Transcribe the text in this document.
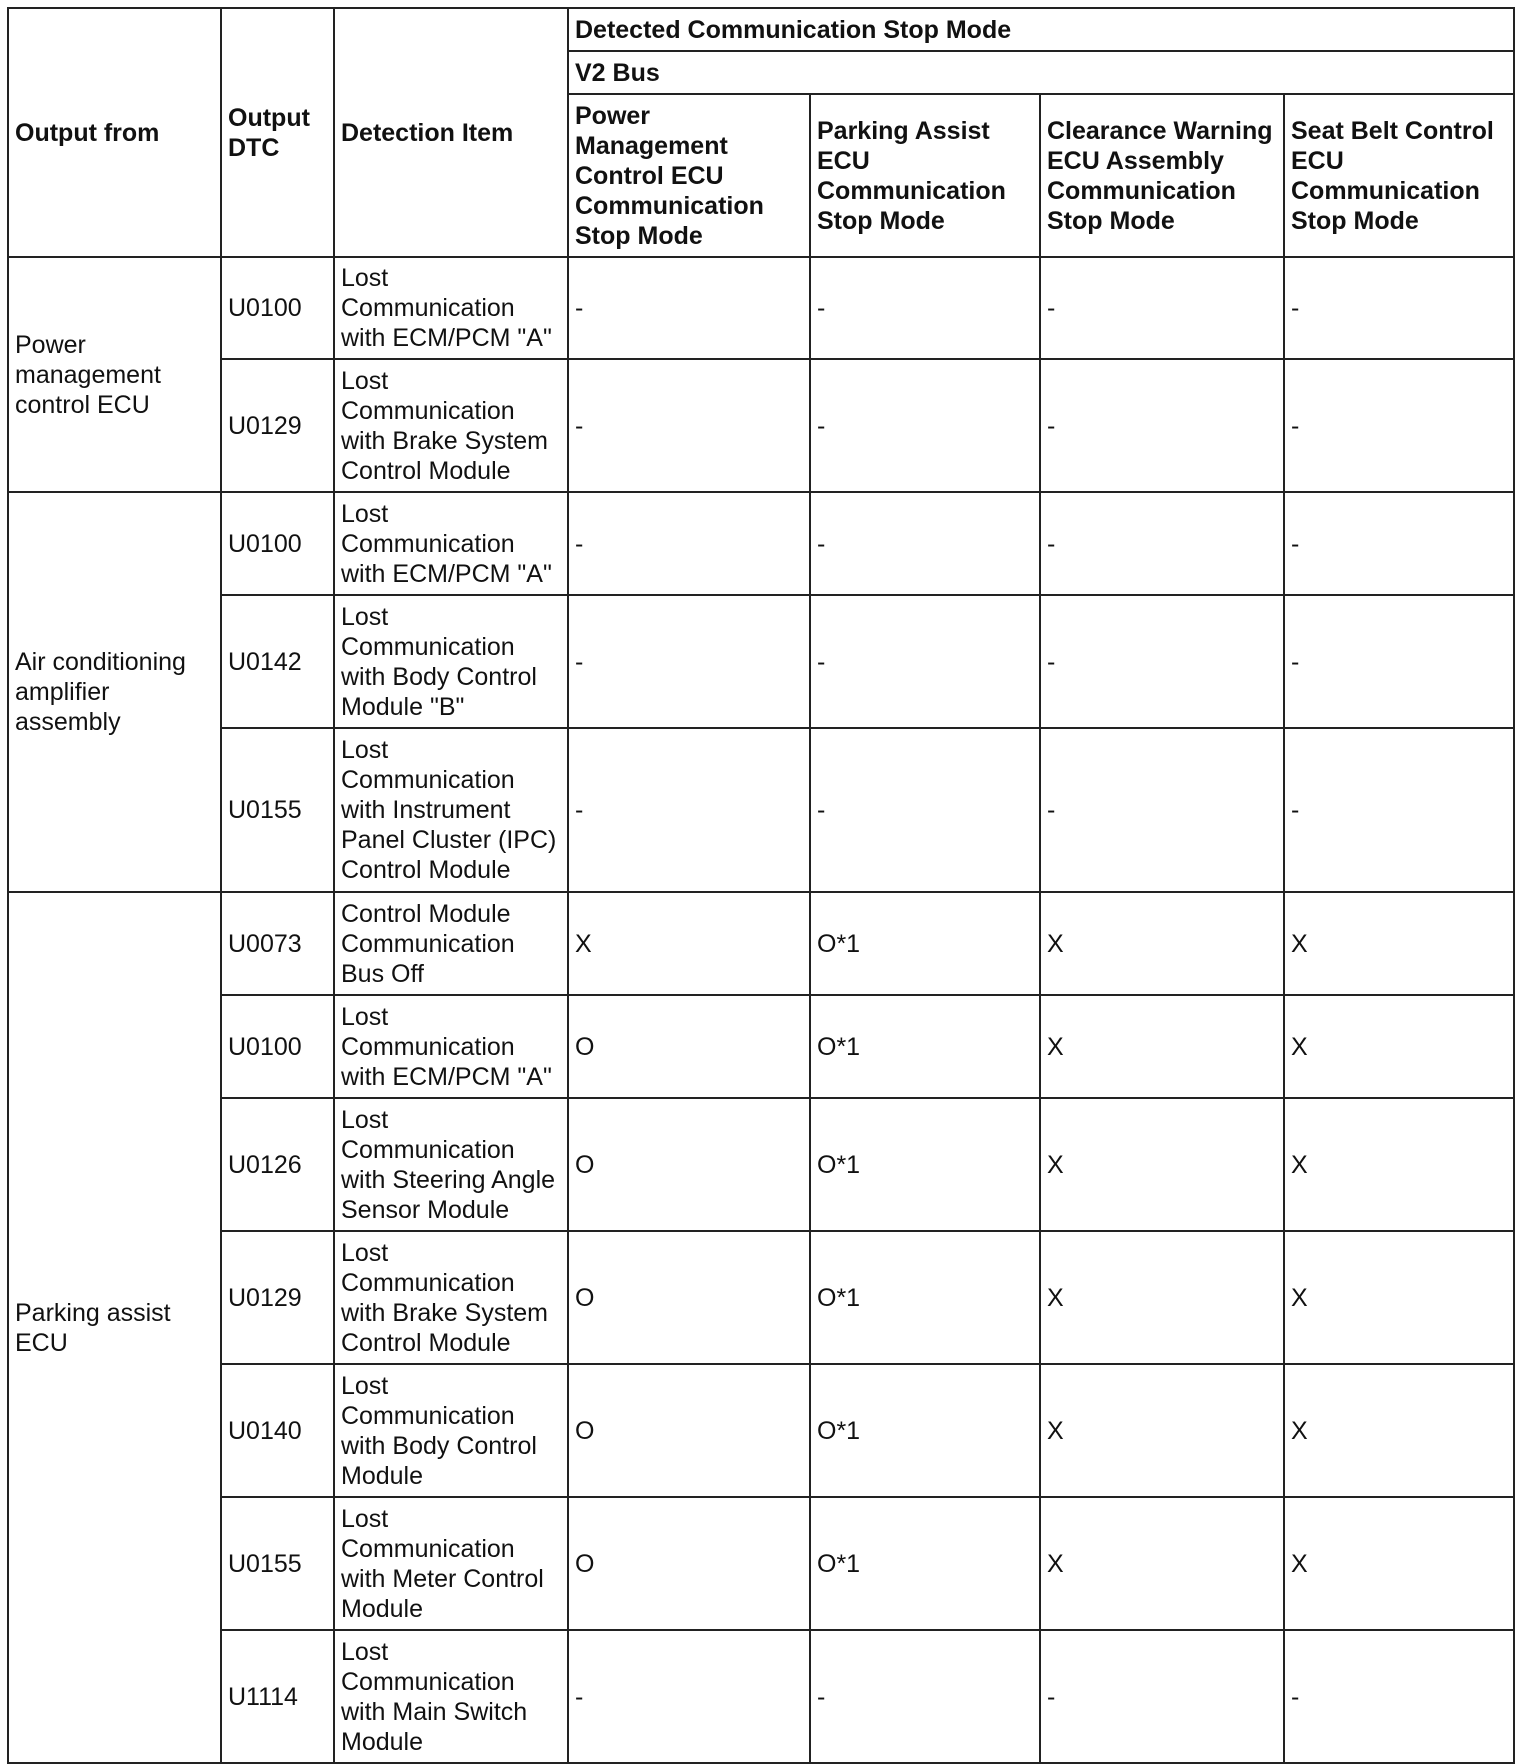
Output from	Output DTC	Detection Item	Detected Communication Stop Mode			
			V2 Bus			
			Power Management Control ECU Communication Stop Mode	Parking Assist ECU Communication Stop Mode	Clearance Warning ECU Assembly Communication Stop Mode	Seat Belt Control ECU Communication Stop Mode
Power management control ECU	U0100	Lost Communication with ECM/PCM "A"	-	-	-	-
	U0129	Lost Communication with Brake System Control Module	-	-	-	-
Air conditioning amplifier assembly	U0100	Lost Communication with ECM/PCM "A"	-	-	-	-
	U0142	Lost Communication with Body Control Module "B"	-	-	-	-
	U0155	Lost Communication with Instrument Panel Cluster (IPC) Control Module	-	-	-	-
Parking assist ECU	U0073	Control Module Communication Bus Off	X	O*1	X	X
	U0100	Lost Communication with ECM/PCM "A"	O	O*1	X	X
	U0126	Lost Communication with Steering Angle Sensor Module	O	O*1	X	X
	U0129	Lost Communication with Brake System Control Module	O	O*1	X	X
	U0140	Lost Communication with Body Control Module	O	O*1	X	X
	U0155	Lost Communication with Meter Control Module	O	O*1	X	X
	U1114	Lost Communication with Main Switch Module	-	-	-	-
